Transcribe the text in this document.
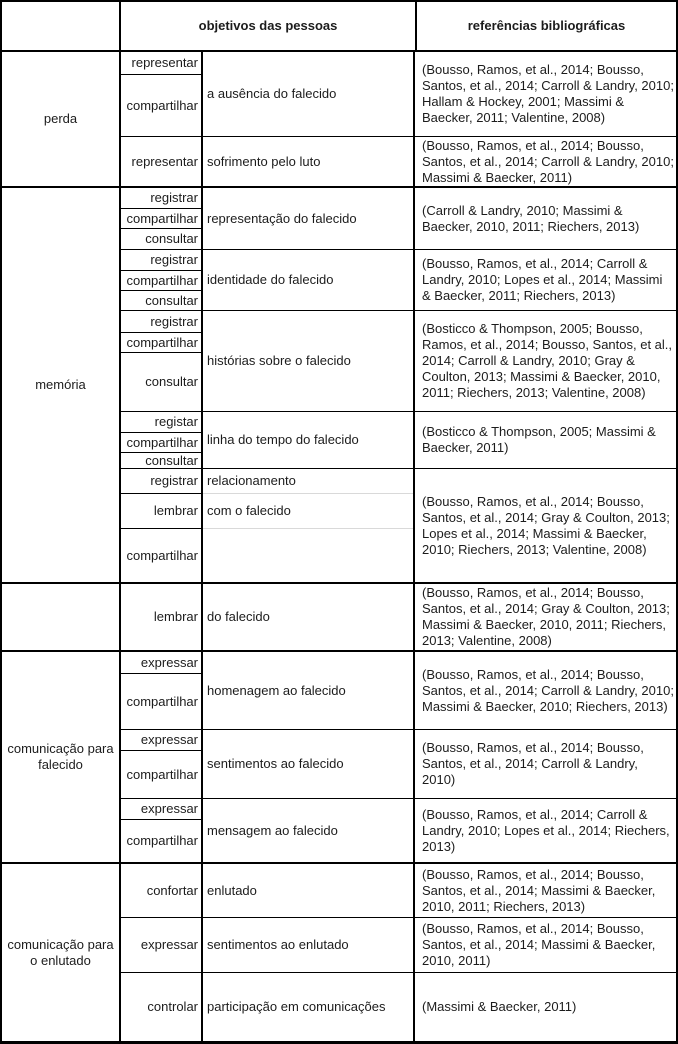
objetivos das pessoas	referências bibliográficas
perda
representar
compartilhar
a ausência do falecido
(Bousso, Ramos, et al., 2014; Bousso, Santos, et al., 2014; Carroll & Landry, 2010; Hallam & Hockey, 2001; Massimi & Baecker, 2011; Valentine, 2008)
representar sofrimento pelo luto
(Bousso, Ramos, et al., 2014; Bousso, Santos, et al., 2014; Carroll & Landry, 2010; Massimi & Baecker, 2011)
memória
registrar
compartilhar
consultar
representação do falecido
(Carroll & Landry, 2010; Massimi & Baecker, 2010, 2011; Riechers, 2013)
registrar
compartilhar
consultar
identidade do falecido
(Bousso, Ramos, et al., 2014; Carroll & Landry, 2010; Lopes et al., 2014; Massimi & Baecker, 2011; Riechers, 2013)
registrar
compartilhar
consultar
histórias sobre o falecido
(Bosticco & Thompson, 2005; Bousso, Ramos, et al., 2014; Bousso, Santos, et al., 2014; Carroll & Landry, 2010; Gray & Coulton, 2013; Massimi & Baecker, 2010, 2011; Riechers, 2013; Valentine, 2008)
registar
compartilhar
consultar
linha do tempo do falecido
(Bosticco & Thompson, 2005; Massimi & Baecker, 2011)
registrar
lembrar
compartilhar
relacionamento
com o falecido
(Bousso, Ramos, et al., 2014; Bousso, Santos, et al., 2014; Gray & Coulton, 2013; Lopes et al., 2014; Massimi & Baecker, 2010; Riechers, 2013; Valentine, 2008)
lembrar do falecido
(Bousso, Ramos, et al., 2014; Bousso, Santos, et al., 2014; Gray & Coulton, 2013; Massimi & Baecker, 2010, 2011; Riechers, 2013; Valentine, 2008)
comunicação para falecido
expressar
compartilhar
homenagem ao falecido
(Bousso, Ramos, et al., 2014; Bousso, Santos, et al., 2014; Carroll & Landry, 2010; Massimi & Baecker, 2010; Riechers, 2013)
expressar
compartilhar
sentimentos ao falecido
(Bousso, Ramos, et al., 2014; Bousso, Santos, et al., 2014; Carroll & Landry, 2010)
expressar
compartilhar
mensagem ao falecido
(Bousso, Ramos, et al., 2014; Carroll & Landry, 2010; Lopes et al., 2014; Riechers, 2013)
comunicação para o enlutado
confortar enlutado
(Bousso, Ramos, et al., 2014; Bousso, Santos, et al., 2014; Massimi & Baecker, 2010, 2011; Riechers, 2013)
expressar sentimentos ao enlutado
(Bousso, Ramos, et al., 2014; Bousso, Santos, et al., 2014; Massimi & Baecker, 2010, 2011)
controlar participação em comunicações	(Massimi & Baecker, 2011)
